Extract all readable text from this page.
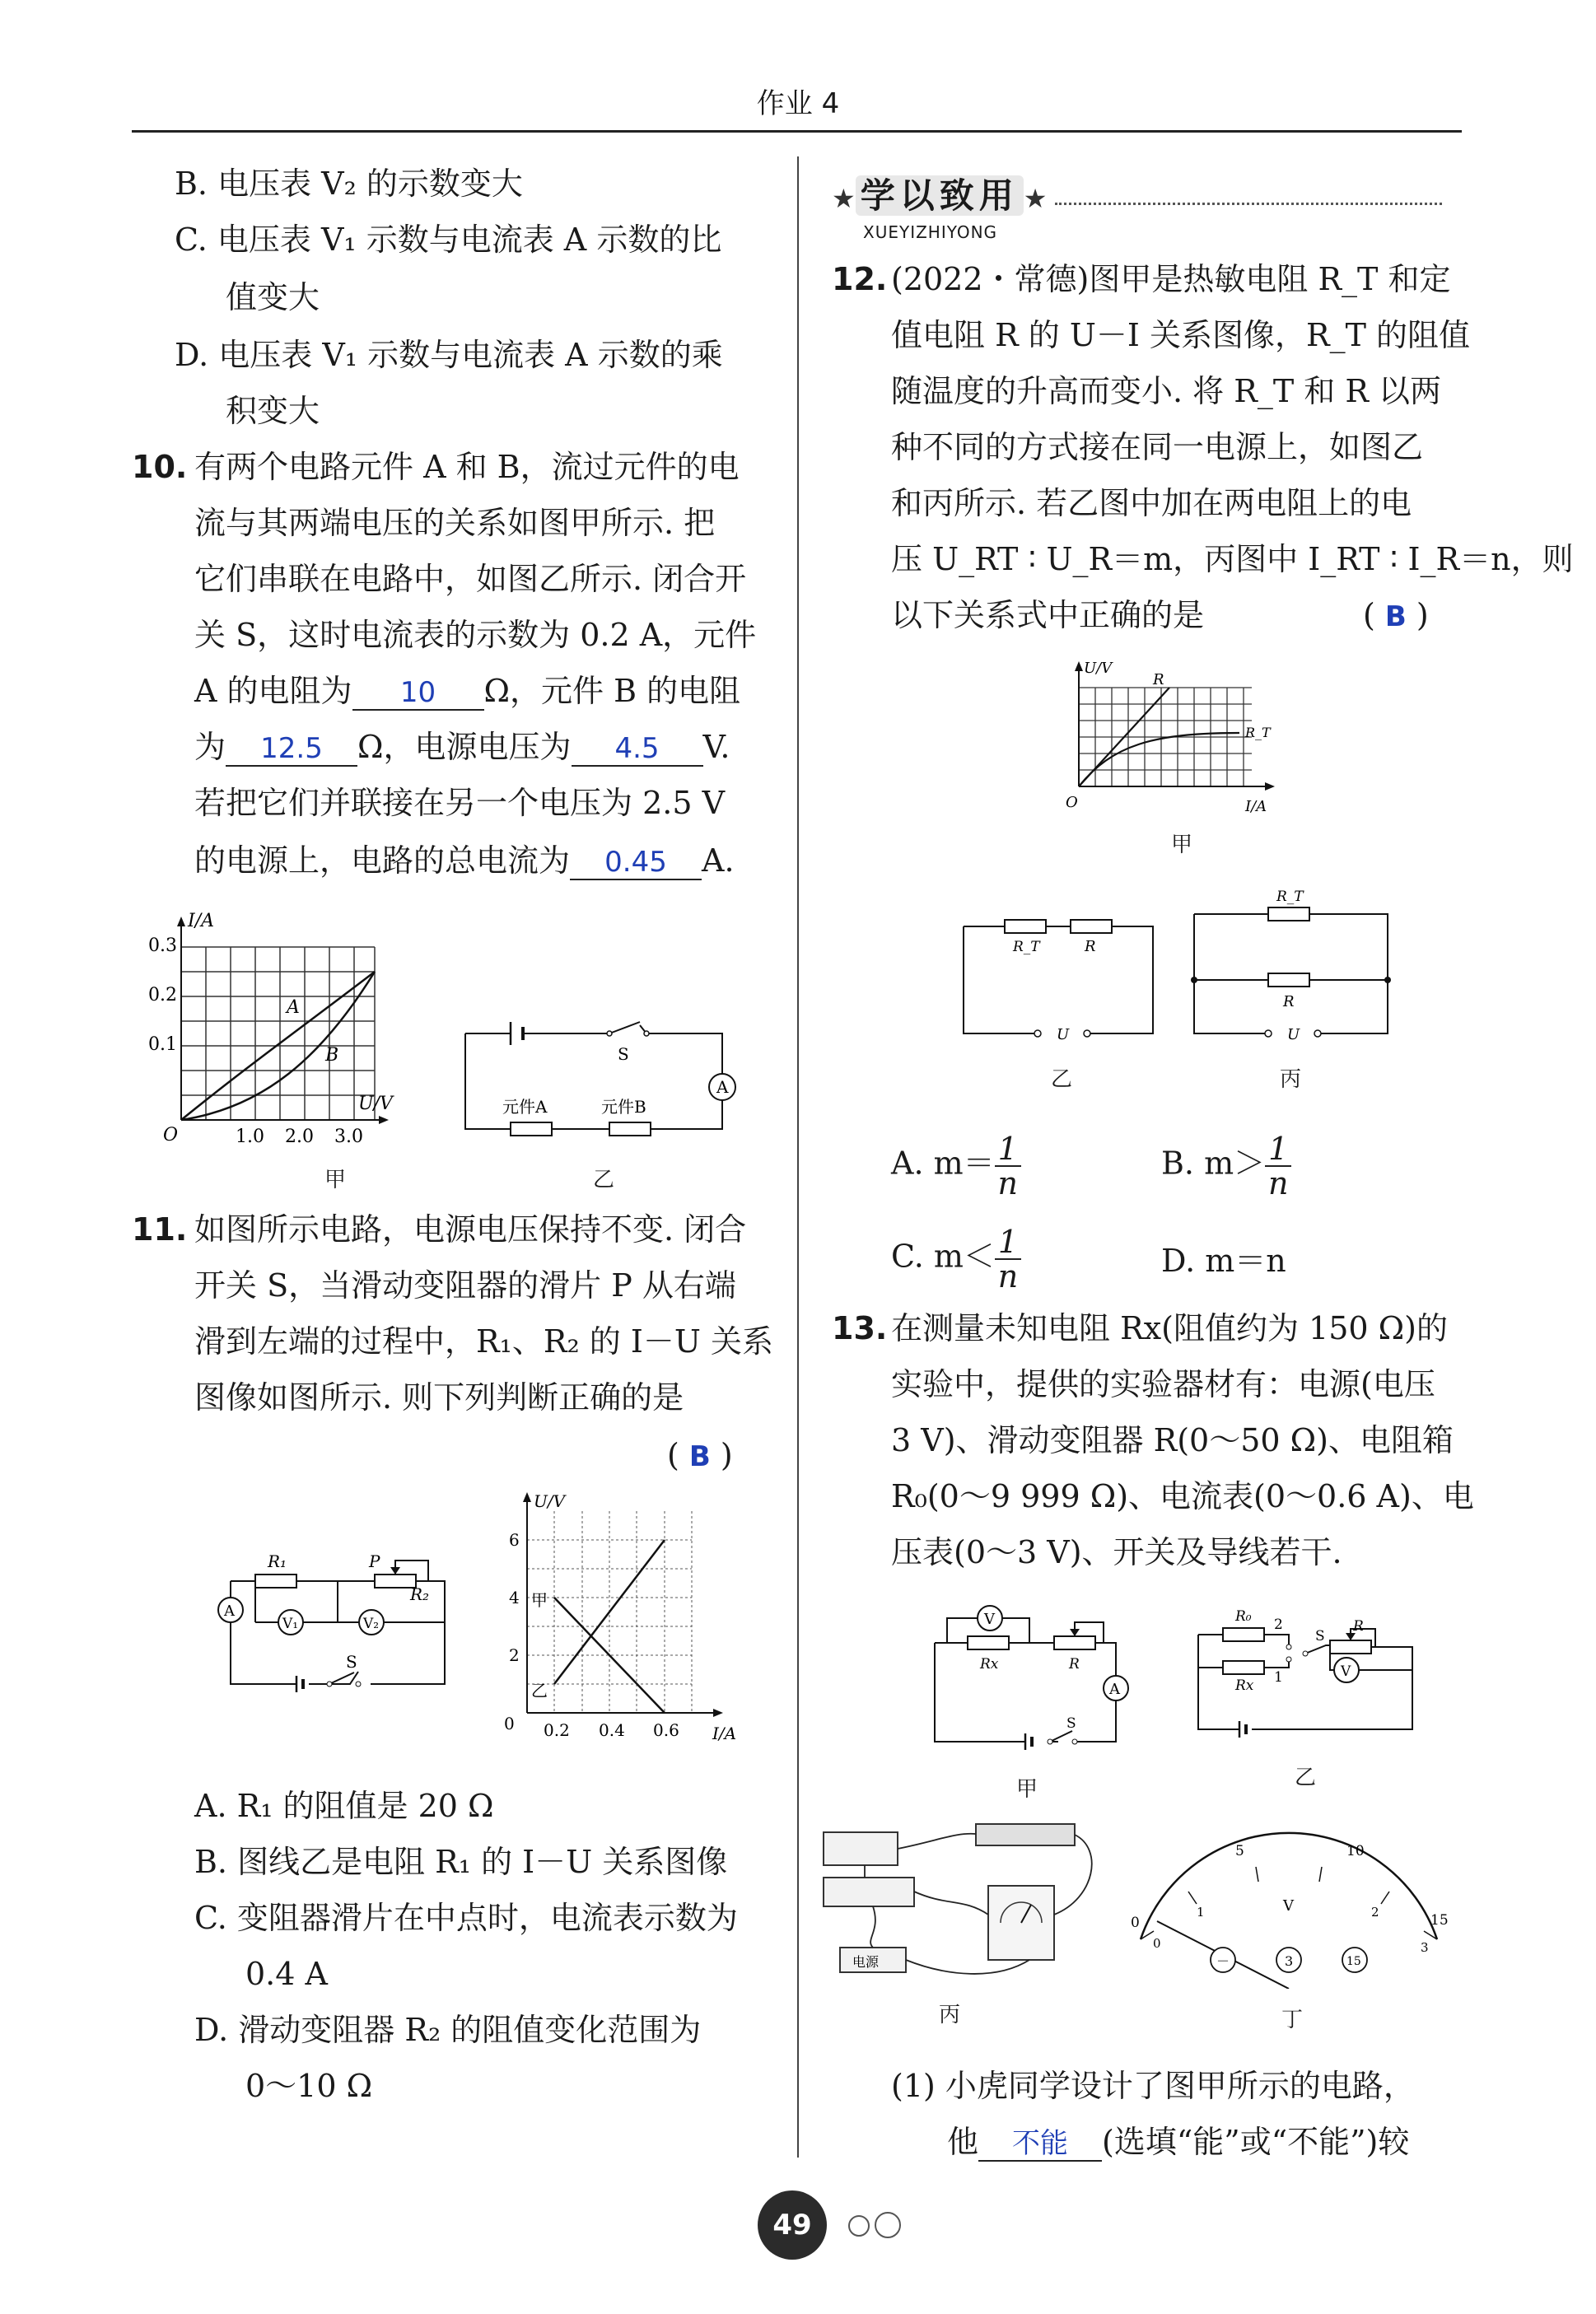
作业 4
B. 电压表 V₂ 的示数变大
C. 电压表 V₁ 示数与电流表 A 示数的比
值变大
D. 电压表 V₁ 示数与电流表 A 示数的乘
积变大
10. 有两个电路元件 A 和 B，流过元件的电
流与其两端电压的关系如图甲所示. 把
它们串联在电路中，如图乙所示. 闭合开
关 S，这时电流表的示数为 0.2 A，元件
A 的电阻为 10 Ω，元件 B 的电阻
为 12.5 Ω，电源电压为 4.5 V.
若把它们并联接在另一个电压为 2.5 V
的电源上，电路的总电流为 0.45 A.
I/A
U/V
O
0.1
0.2
0.3
1.0 2.0 3.0
A
B
甲
S
A
元件A	元件B
乙
11. 如图所示电路，电源电压保持不变. 闭合
开关 S，当滑动变阻器的滑片 P 从右端
滑到左端的过程中，R₁、R₂ 的 I－U 关系
图像如图所示. 则下列判断正确的是
( B )
R₁
R₂
P
V₁	V₂
A
S
U/V
I/A
0
2
4
6
0.2 0.4 0.6
甲
乙
A. R₁ 的阻值是 20 Ω
B. 图线乙是电阻 R₁ 的 I－U 关系图像
C. 变阻器滑片在中点时，电流表示数为
0.4 A
D. 滑动变阻器 R₂ 的阻值变化范围为
0～10 Ω
★ 学以致用 ★
XUEYIZHIYONG
12. (2022・常德)图甲是热敏电阻 R_T 和定
值电阻 R 的 U－I 关系图像，R_T 的阻值
随温度的升高而变小. 将 R_T 和 R 以两
种不同的方式接在同一电源上，如图乙
和丙所示. 若乙图中加在两电阻上的电
压 U_RT ∶ U_R＝m，丙图中 I_RT ∶ I_R＝n，则
以下关系式中正确的是	( B )
U/V
I/A
O
R
R_T
甲
R_T	R
U
乙
R_T
R
U
丙
A. $m= \frac{1}{n}$	B. $m> \frac{1}{n}$
C. $m< \frac{1}{n}$	D. m＝n
13. 在测量未知电阻 Rx(阻值约为 150 Ω)的
实验中，提供的实验器材有：电源(电压
3 V)、滑动变阻器 R(0～50 Ω)、电阻箱
R₀(0～9 999 Ω)、电流表(0～0.6 A)、电
压表(0～3 V)、开关及导线若干.
V
A
Rx	R
S
甲
R₀
Rx
R
V
S
2
1
乙
电源
丙
0
5	10
15
0
1	2
3
V
－	3	15
丁
(1) 小虎同学设计了图甲所示的电路，
他 不能 (选填“能”或“不能”)较
49
